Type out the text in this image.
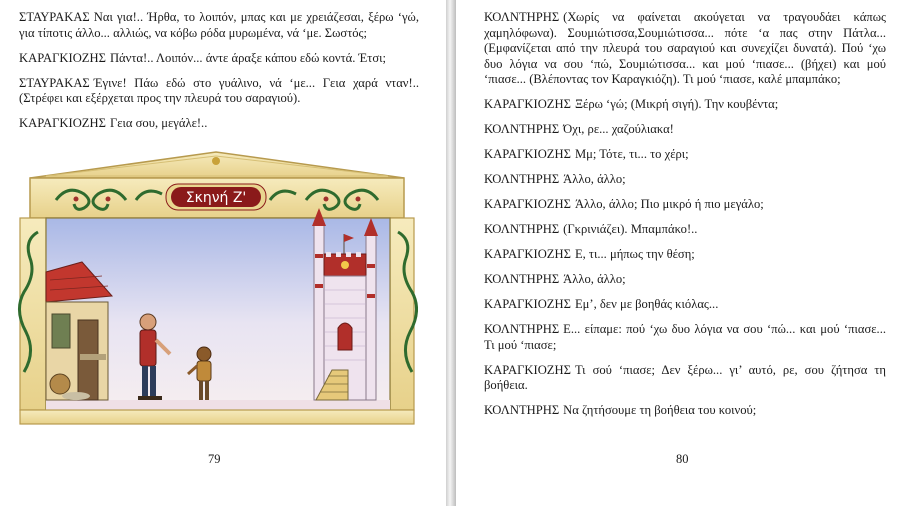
ΣΤΑΥΡΑΚΑΣ Ναι για!.. Ήρθα, το λοιπόν, μπας και με χρειάζεσαι, ξέρω ‘γώ, για τίποτις άλλο... αλλιώς, να κόβω ρόδα μυρωμένα, νά ‘με. Σωστός;

ΚΑΡΑΓΚΙΟΖΗΣ Πάντα!.. Λοιπόν... άντε άραξε κάπου εδώ κοντά. Έτσι;

ΣΤΑΥΡΑΚΑΣ Έγινε! Πάω εδώ στο γυάλινο, νά ‘με... Γεια χαρά νταν!.. (Στρέφει και εξέρχεται προς την πλευρά του σαραγιού).

ΚΑΡΑΓΚΙΟΖΗΣ Γεια σου, μεγάλε!..

Σκηνή Ζ'
79

ΚΟΛΝΤΗΡΗΣ (Χωρίς να φαίνεται ακούγεται να τραγουδάει κάπως χαμηλόφωνα). Σουμιώτισσα,Σουμιώτισσα... πότε ‘α πας στην Πάτλα... (Εμφανίζεται από την πλευρά του σαραγιού και συνεχίζει δυνατά). Πού ‘χω δυο λόγια να σου ‘πώ, Σουμιώτισσα... και μού ‘πιασε... (βήχει) και μού ‘πιασε... (Βλέποντας τον Καραγκιόζη). Τι μού ‘πιασε, καλέ μπαμπάκο;

ΚΑΡΑΓΚΙΟΖΗΣ Ξέρω ‘γώ; (Μικρή σιγή). Την κουβέντα;

ΚΟΛΝΤΗΡΗΣ Όχι, ρε... χαζούλιακα!

ΚΑΡΑΓΚΙΟΖΗΣ Μμ; Τότε, τι... το χέρι;

ΚΟΛΝΤΗΡΗΣ Άλλο, άλλο;

ΚΑΡΑΓΚΙΟΖΗΣ Άλλο, άλλο; Πιο μικρό ή πιο μεγάλο;

ΚΟΛΝΤΗΡΗΣ (Γκρινιάζει). Μπαμπάκο!..

ΚΑΡΑΓΚΙΟΖΗΣ Ε, τι... μήπως την θέση;

ΚΟΛΝΤΗΡΗΣ Άλλο, άλλο;

ΚΑΡΑΓΚΙΟΖΗΣ Εμ’, δεν με βοηθάς κιόλας...

ΚΟΛΝΤΗΡΗΣ Ε... είπαμε: πού ‘χω δυο λόγια να σου ‘πώ... και μού ‘πιασε... Τι μού ‘πιασε;

ΚΑΡΑΓΚΙΟΖΗΣ Τι σού ‘πιασε; Δεν ξέρω... γι’ αυτό, ρε, σου ζήτησα τη βοήθεια.

ΚΟΛΝΤΗΡΗΣ Να ζητήσουμε τη βοήθεια του κοινού;

80
